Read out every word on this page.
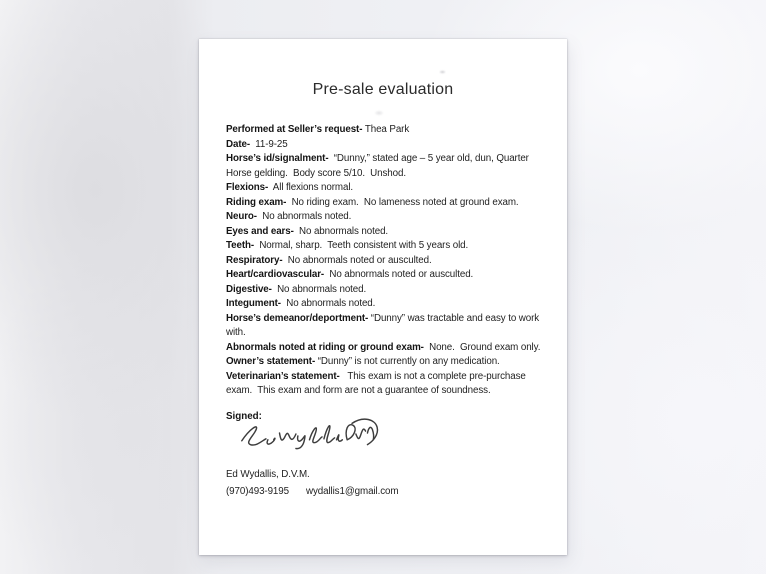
Pre-sale evaluation

Performed at Seller’s request- Thea Park

Date-  11-9-25

Horse’s id/signalment-  “Dunny,” stated age – 5 year old, dun, Quarter Horse gelding.  Body score 5/10.  Unshod.

Flexions-  All flexions normal.

Riding exam-  No riding exam.  No lameness noted at ground exam.

Neuro-  No abnormals noted.

Eyes and ears-  No abnormals noted.

Teeth-  Normal, sharp.  Teeth consistent with 5 years old.

Respiratory-  No abnormals noted or ausculted.

Heart/cardiovascular-  No abnormals noted or ausculted.

Digestive-  No abnormals noted.

Integument-  No abnormals noted.

Horse’s demeanor/deportment- “Dunny” was tractable and easy to work with.

Abnormals noted at riding or ground exam-  None.  Ground exam only.

Owner’s statement- “Dunny” is not currently on any medication.

Veterinarian’s statement-   This exam is not a complete pre-purchase exam.  This exam and form are not a guarantee of soundness.

Signed:

Ed Wydallis, D.V.M.

(970)493-9195 wydallis1@gmail.com
